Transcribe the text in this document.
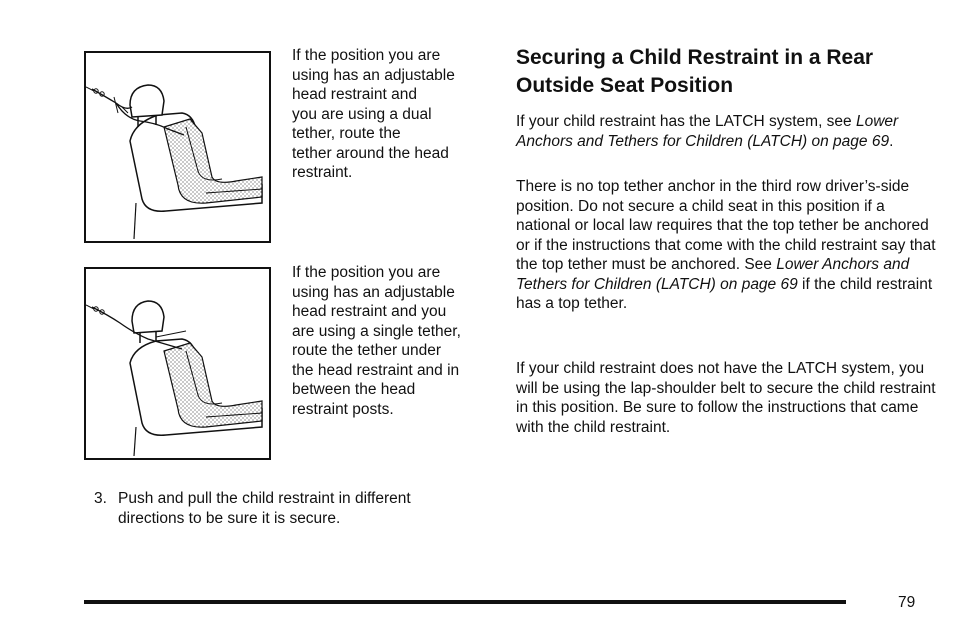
If the position you are
using has an adjustable
head restraint and
you are using a dual
tether, route the
tether around the head
restraint.

If the position you are
using has an adjustable
head restraint and you
are using a single tether,
route the tether under
the head restraint and in
between the head
restraint posts.

3. Push and pull the child restraint in different directions to be sure it is secure.
Securing a Child Restraint in a Rear Outside Seat Position

If your child restraint has the LATCH system, see Lower Anchors and Tethers for Children (LATCH) on page 69.

There is no top tether anchor in the third row driver’s-side position. Do not secure a child seat in this position if a national or local law requires that the top tether be anchored or if the instructions that come with the child restraint say that the top tether must be anchored. See Lower Anchors and Tethers for Children (LATCH) on page 69 if the child restraint has a top tether.

If your child restraint does not have the LATCH system, you will be using the lap-shoulder belt to secure the child restraint in this position. Be sure to follow the instructions that came with the child restraint.

79
